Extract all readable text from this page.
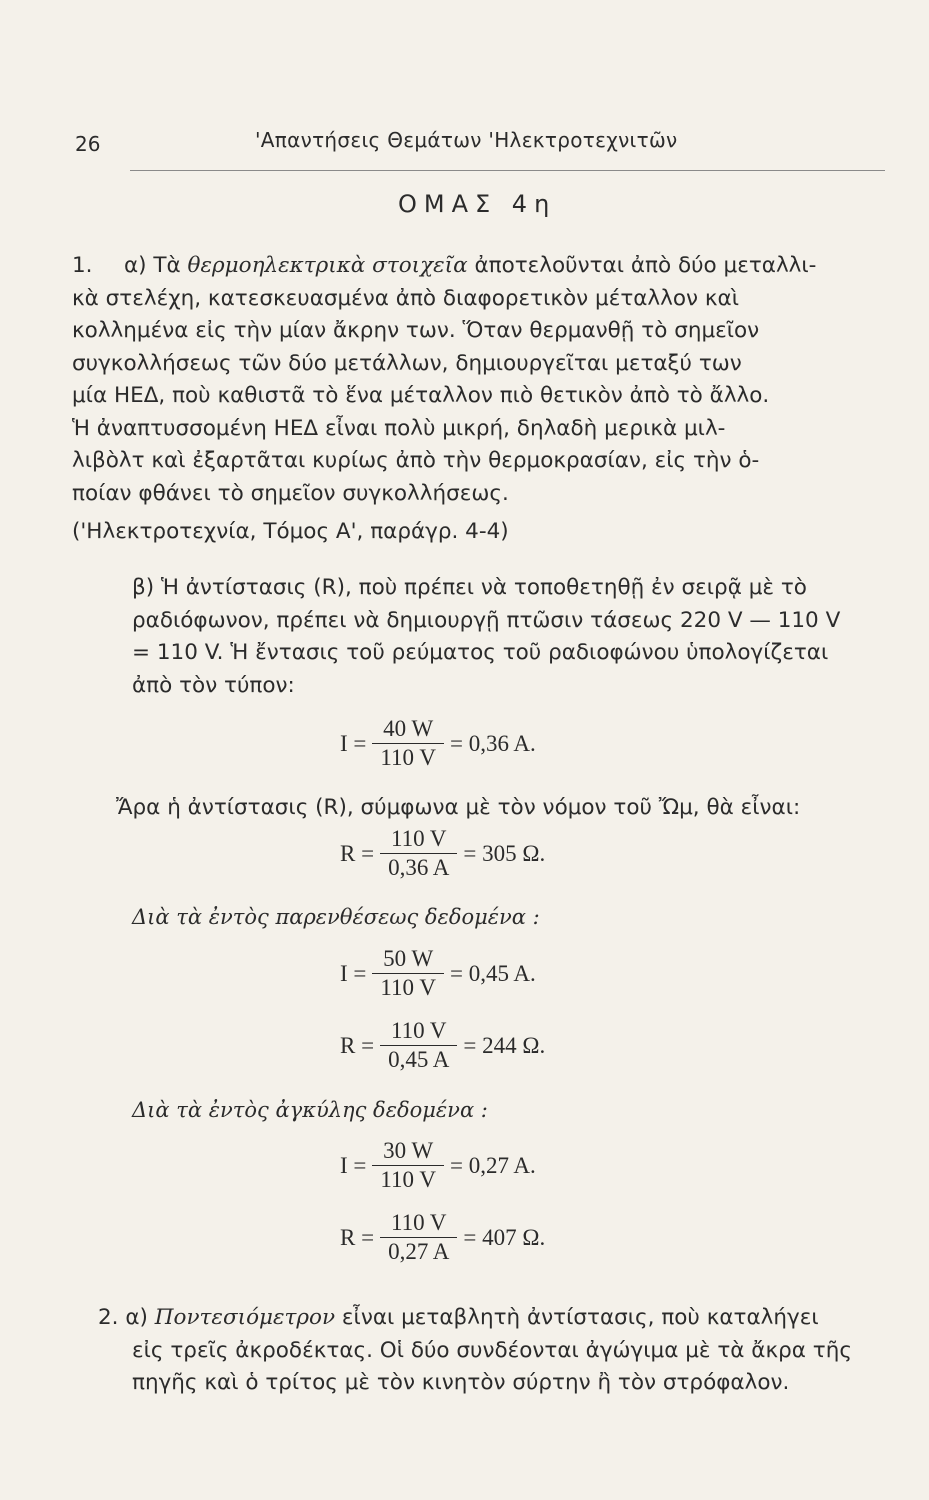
26	'Απαντήσεις Θεμάτων 'Ηλεκτροτεχνιτῶν
ΟΜΑΣ 4η

1. α) Τὰ θερμοηλεκτρικὰ στοιχεῖα ἀποτελοῦνται ἀπὸ δύο μεταλλι-

κὰ στελέχη, κατεσκευασμένα ἀπὸ διαφορετικὸν μέταλλον καὶ

κολλημένα εἰς τὴν μίαν ἄκρην των. Ὅταν θερμανθῇ τὸ σημεῖον

συγκολλήσεως τῶν δύο μετάλλων, δημιουργεῖται μεταξύ των

μία ΗΕΔ, ποὺ καθιστᾶ τὸ ἕνα μέταλλον πιὸ θετικὸν ἀπὸ τὸ ἄλλο.

Ἡ ἀναπτυσσομένη ΗΕΔ εἶναι πολὺ μικρή, δηλαδὴ μερικὰ μιλ-

λιβὸλτ καὶ ἐξαρτᾶται κυρίως ἀπὸ τὴν θερμοκρασίαν, εἰς τὴν ὁ-

ποίαν φθάνει τὸ σημεῖον συγκολλήσεως.

('Ηλεκτροτεχνία, Τόμος Α', παράγρ. 4-4)

β) Ἡ ἀντίστασις (R), ποὺ πρέπει νὰ τοποθετηθῇ ἐν σειρᾷ μὲ τὸ

ραδιόφωνον, πρέπει νὰ δημιουργῇ πτῶσιν τάσεως 220 V — 110 V

= 110 V. Ἡ ἔντασις τοῦ ρεύματος τοῦ ραδιοφώνου ὑπολογίζεται

ἀπὸ τὸν τύπον:

$I = \frac{40 W}{110 V} = 0,36$ A.
Ἄρα ἡ ἀντίστασις (R), σύμφωνα μὲ τὸν νόμον τοῦ Ὤμ, θὰ εἶναι:
$R = \frac{110 V}{0,36 A} = 305$ Ω.
Διὰ τὰ ἐντὸς παρενθέσεως δεδομένα :
$I = \frac{50 W}{110 V} = 0,45$ A.
$R = \frac{110 V}{0,45 A} = 244$ Ω.
Διὰ τὰ ἐντὸς ἀγκύλης δεδομένα :
$I = \frac{30 W}{110 V} = 0,27$ A.
$R = \frac{110 V}{0,27 A} = 407$ Ω.

2. α) Ποντεσιόμετρον εἶναι μεταβλητὴ ἀντίστασις, ποὺ καταλήγει

εἰς τρεῖς ἀκροδέκτας. Οἱ δύο συνδέονται ἀγώγιμα μὲ τὰ ἄκρα τῆς

πηγῆς καὶ ὁ τρίτος μὲ τὸν κινητὸν σύρτην ἢ τὸν στρόφαλον.
